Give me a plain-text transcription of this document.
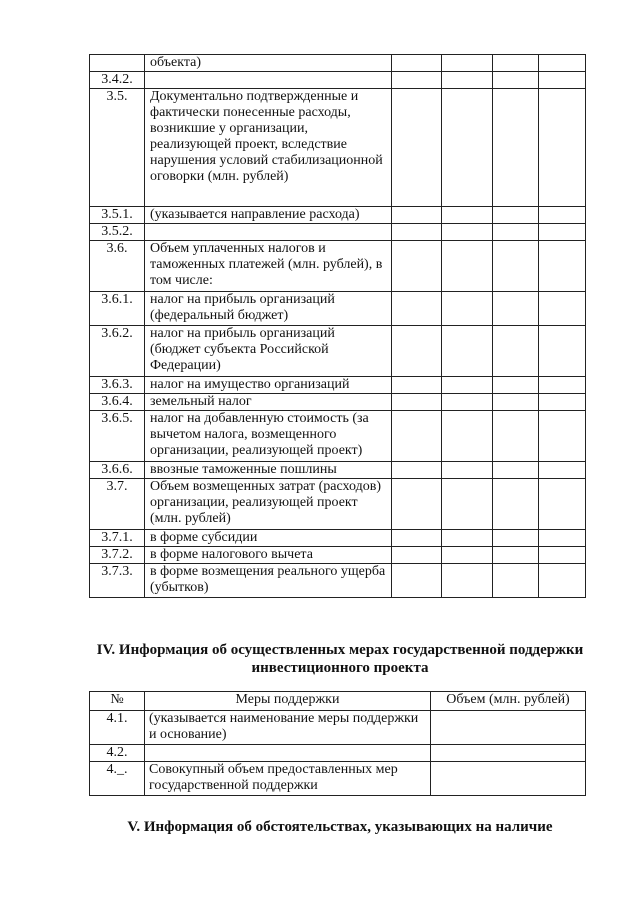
	объекта)				
3.4.2.					
3.5.	Документально подтвержденные и фактически понесенные расходы, возникшие у организации, реализующей проект, вследствие нарушения условий стабилизационной оговорки (млн. рублей)				
3.5.1.	(указывается направление расхода)				
3.5.2.					
3.6.	Объем уплаченных налогов и таможенных платежей (млн. рублей), в том числе:				
3.6.1.	налог на прибыль организаций (федеральный бюджет)				
3.6.2.	налог на прибыль организаций (бюджет субъекта Российской Федерации)				
3.6.3.	налог на имущество организаций				
3.6.4.	земельный налог				
3.6.5.	налог на добавленную стоимость (за вычетом налога, возмещенного организации, реализующей проект)				
3.6.6.	ввозные таможенные пошлины				
3.7.	Объем возмещенных затрат (расходов) организации, реализующей проект (млн. рублей)				
3.7.1.	в форме субсидии				
3.7.2.	в форме налогового вычета				
3.7.3.	в форме возмещения реального ущерба (убытков)				
IV. Информация об осуществленных мерах государственной поддержки инвестиционного проекта
№	Меры поддержки	Объем (млн. рублей)
4.1.	(указывается наименование меры поддержки и основание)	
4.2.		
4._.	Совокупный объем предоставленных мер государственной поддержки	
V. Информация об обстоятельствах, указывающих на наличие
